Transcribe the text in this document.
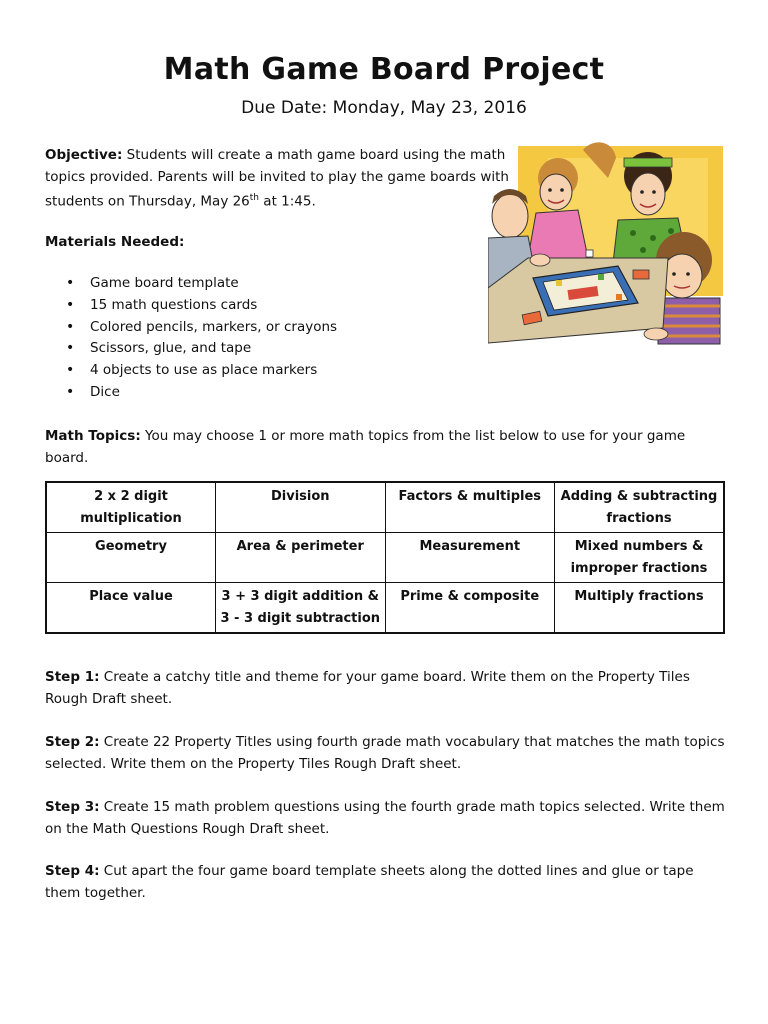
Math Game Board Project
Due Date: Monday, May 23, 2016
Objective: Students will create a math game board using the math topics provided. Parents will be invited to play the game boards with students on Thursday, May 26th at 1:45.
Materials Needed:
• Game board template
• 15 math questions cards
• Colored pencils, markers, or crayons
• Scissors, glue, and tape
• 4 objects to use as place markers
• Dice
Math Topics: You may choose 1 or more math topics from the list below to use for your game board.
2 x 2 digit multiplication	Division	Factors & multiples	Adding & subtracting fractions
Geometry	Area & perimeter	Measurement	Mixed numbers & improper fractions
Place value	3 + 3 digit addition & 3 - 3 digit subtraction	Prime & composite	Multiply fractions
Step 1: Create a catchy title and theme for your game board. Write them on the Property Tiles Rough Draft sheet.
Step 2: Create 22 Property Titles using fourth grade math vocabulary that matches the math topics selected. Write them on the Property Tiles Rough Draft sheet.
Step 3: Create 15 math problem questions using the fourth grade math topics selected. Write them on the Math Questions Rough Draft sheet.
Step 4: Cut apart the four game board template sheets along the dotted lines and glue or tape them together.
